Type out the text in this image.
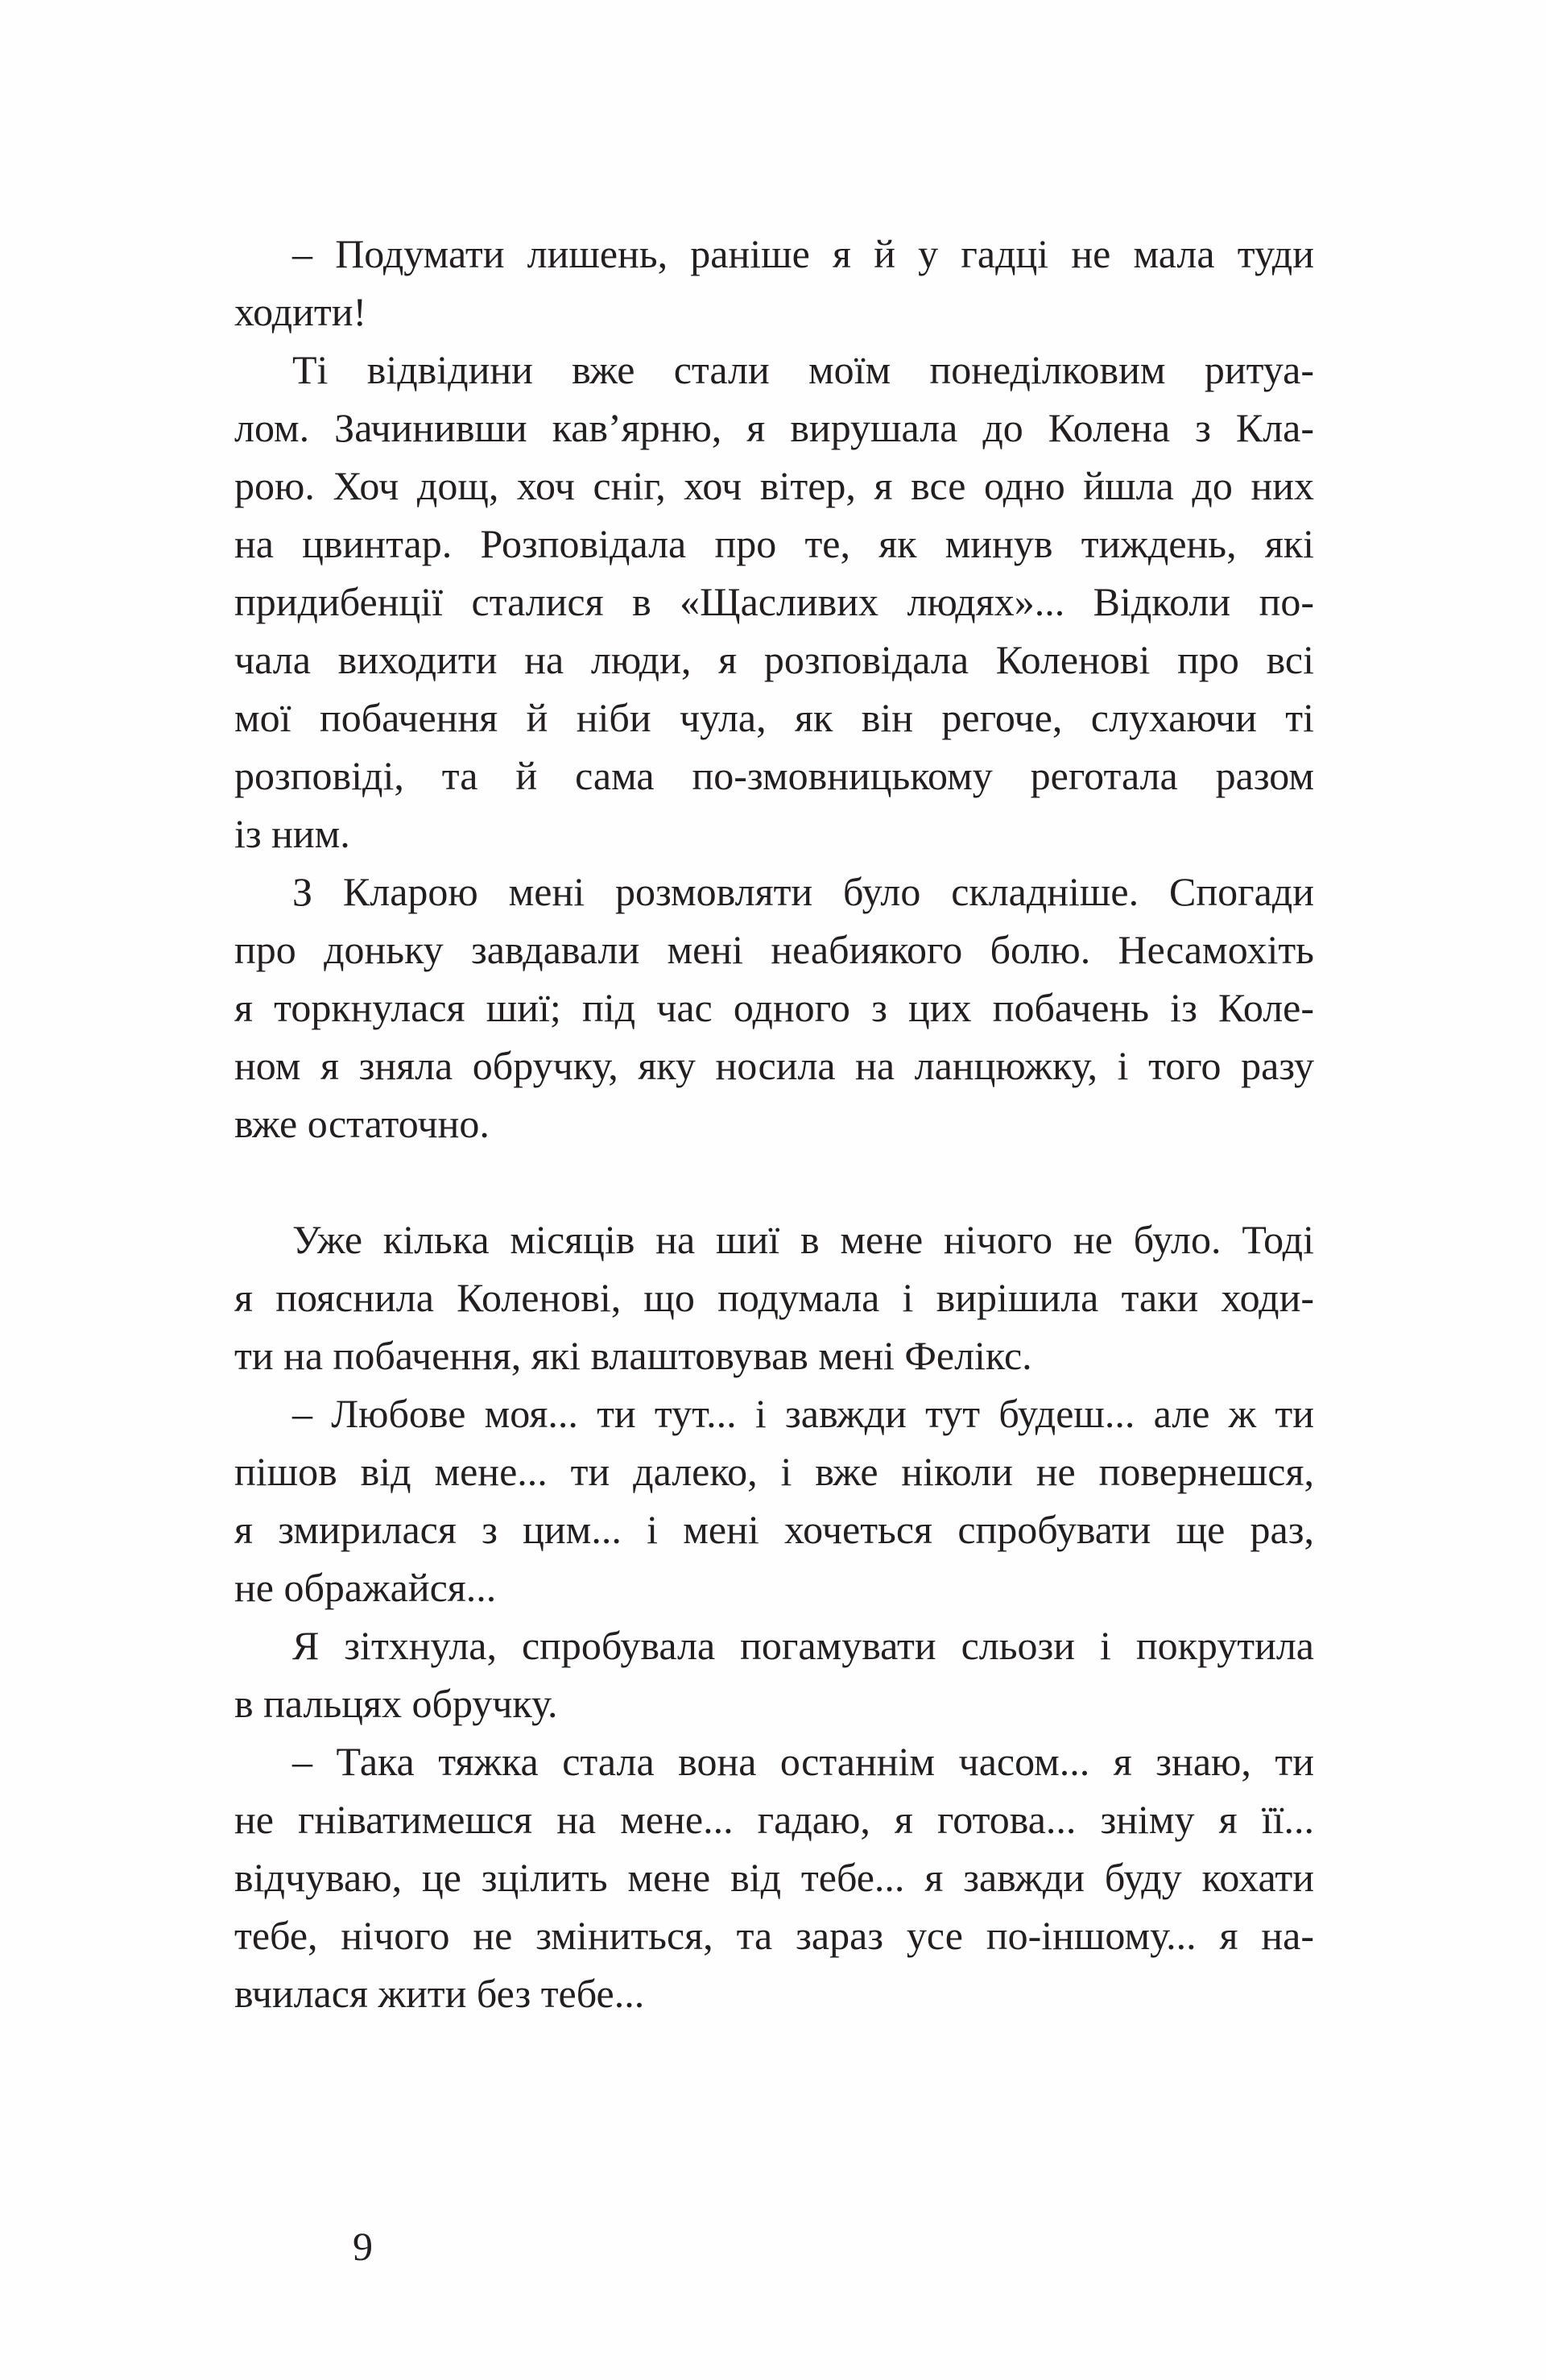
– Подумати лишень, раніше я й у гадці не мала туди
ходити!
Ті відвідини вже стали моїм понеділковим ритуа-
лом. Зачинивши кав’ярню, я вирушала до Колена з Кла-
рою. Хоч дощ, хоч сніг, хоч вітер, я все одно йшла до них
на цвинтар. Розповідала про те, як минув тиждень, які
придибенції сталися в «Щасливих людях»... Відколи по-
чала виходити на люди, я розповідала Коленові про всі
мої побачення й ніби чула, як він регоче, слухаючи ті
розповіді, та й сама по-змовницькому реготала разом
із ним.
З Кларою мені розмовляти було складніше. Спогади
про доньку завдавали мені неабиякого болю. Несамохіть
я торкнулася шиї; під час одного з цих побачень із Коле-
ном я зняла обручку, яку носила на ланцюжку, і того разу
вже остаточно.
Уже кілька місяців на шиї в мене нічого не було. Тоді
я пояснила Коленові, що подумала і вирішила таки ходи-
ти на побачення, які влаштовував мені Фелікс.
– Любове моя... ти тут... і завжди тут будеш... але ж ти
пішов від мене... ти далеко, і вже ніколи не повернешся,
я змирилася з цим... і мені хочеться спробувати ще раз,
не ображайся...
Я зітхнула, спробувала погамувати сльози і покрутила
в пальцях обручку.
– Така тяжка стала вона останнім часом... я знаю, ти
не гніватимешся на мене... гадаю, я готова... зніму я її...
відчуваю, це зцілить мене від тебе... я завжди буду кохати
тебе, нічого не зміниться, та зараз усе по-іншому... я на-
вчилася жити без тебе...
9
